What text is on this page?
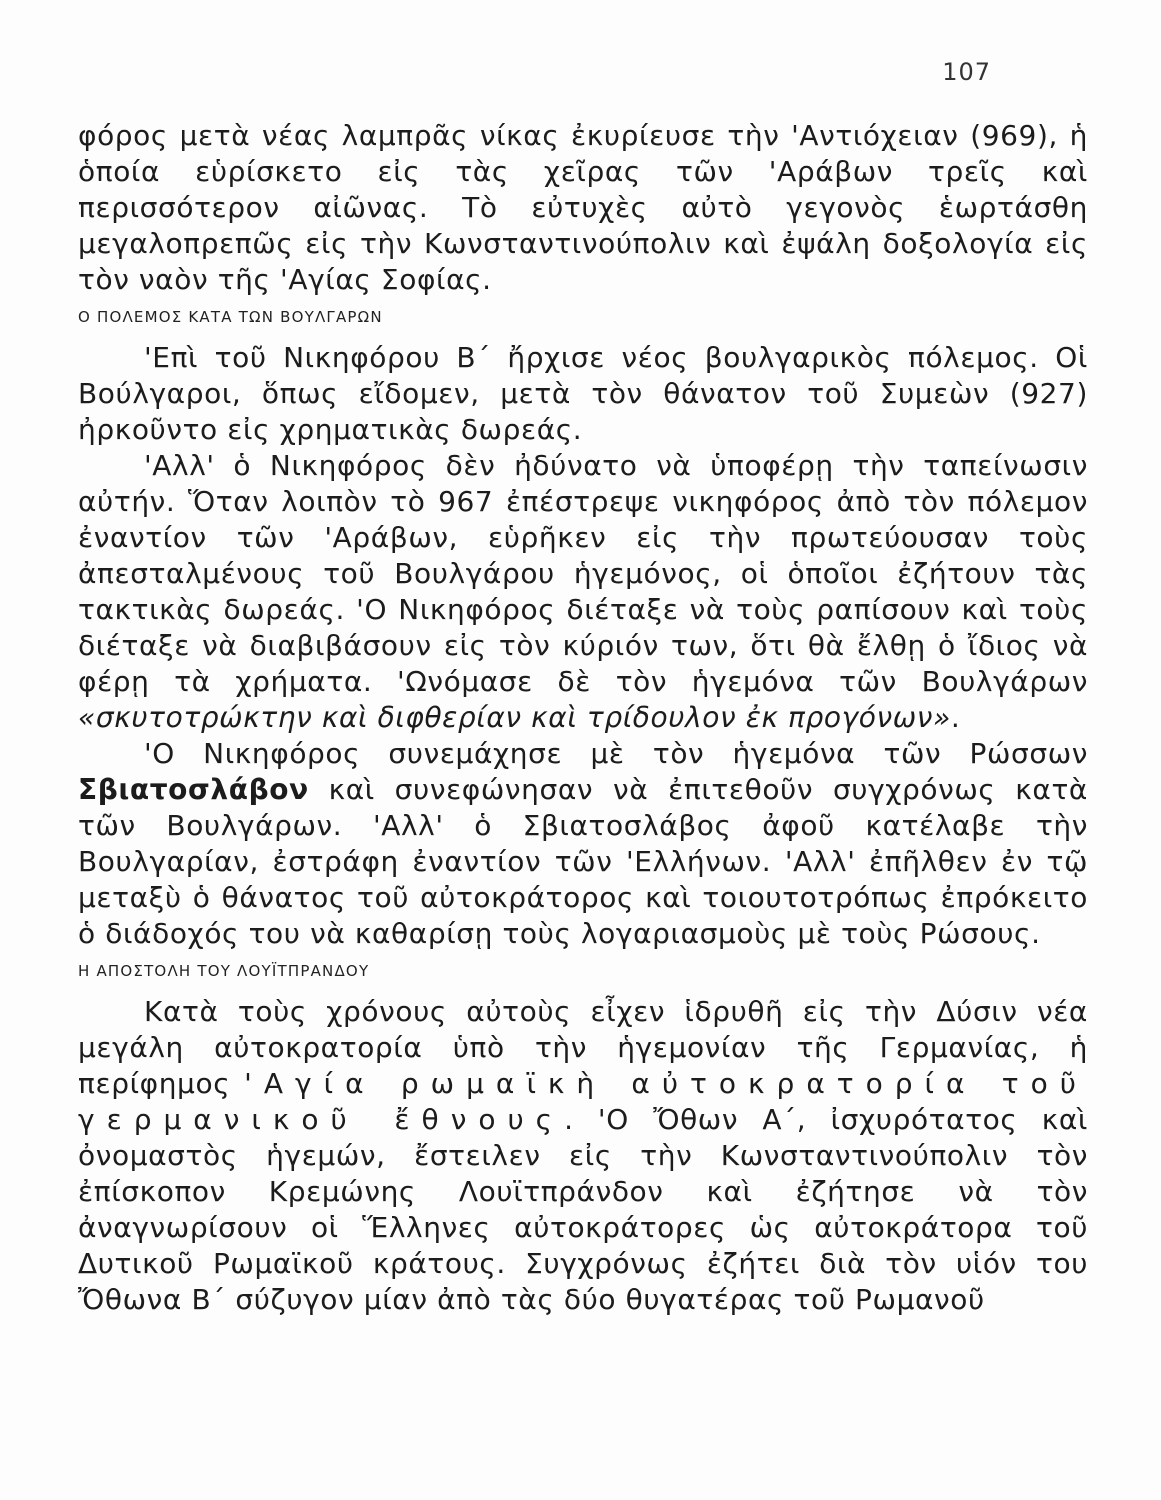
107

φόρος μετὰ νέας λαμπρᾶς νίκας ἐκυρίευσε τὴν 'Αντιόχειαν (969), ἡ ὁποία εὑρίσκετο εἰς τὰς χεῖρας τῶν 'Αράβων τρεῖς καὶ περισσότερον αἰῶνας. Τὸ εὐτυχὲς αὐτὸ γεγονὸς ἑωρτάσθη μεγαλοπρεπῶς εἰς τὴν Κωνσταντινούπολιν καὶ ἐψάλη δοξολογία εἰς τὸν ναὸν τῆς 'Αγίας Σοφίας.

Ο ΠΟΛΕΜΟΣ ΚΑΤΑ ΤΩΝ ΒΟΥΛΓΑΡΩΝ

'Επὶ τοῦ Νικηφόρου Β΄ ἤρχισε νέος βουλγαρικὸς πόλεμος. Οἱ Βούλγαροι, ὅπως εἴδομεν, μετὰ τὸν θάνατον τοῦ Συμεὼν (927) ἠρκοῦντο εἰς χρηματικὰς δωρεάς.

'Αλλ' ὁ Νικηφόρος δὲν ἠδύνατο νὰ ὑποφέρῃ τὴν ταπείνωσιν αὐτήν. Ὅταν λοιπὸν τὸ 967 ἐπέστρεψε νικηφόρος ἀπὸ τὸν πόλεμον ἐναντίον τῶν 'Αράβων, εὑρῆκεν εἰς τὴν πρωτεύουσαν τοὺς ἀπεσταλμένους τοῦ Βουλγάρου ἡγεμόνος, οἱ ὁποῖοι ἐζήτουν τὰς τακτικὰς δωρεάς. 'Ο Νικηφόρος διέταξε νὰ τοὺς ραπίσουν καὶ τοὺς διέταξε νὰ διαβιβάσουν εἰς τὸν κύριόν των, ὅτι θὰ ἔλθῃ ὁ ἴδιος νὰ φέρῃ τὰ χρήματα. 'Ωνόμασε δὲ τὸν ἡγεμόνα τῶν Βουλγάρων «σκυτοτρώκτην καὶ διφθερίαν καὶ τρίδουλον ἐκ προγόνων».

'Ο Νικηφόρος συνεμάχησε μὲ τὸν ἡγεμόνα τῶν Ρώσσων Σβιατοσλάβον καὶ συνεφώνησαν νὰ ἐπιτεθοῦν συγχρόνως κατὰ τῶν Βουλγάρων. 'Αλλ' ὁ Σβιατοσλάβος ἀφοῦ κατέλαβε τὴν Βουλγαρίαν, ἐστράφη ἐναντίον τῶν 'Ελλήνων. 'Αλλ' ἐπῆλθεν ἐν τῷ μεταξὺ ὁ θάνατος τοῦ αὐτοκράτορος καὶ τοιουτοτρόπως ἐπρόκειτο ὁ διάδοχός του νὰ καθαρίσῃ τοὺς λογαριασμοὺς μὲ τοὺς Ρώσους.

Η ΑΠΟΣΤΟΛΗ ΤΟΥ ΛΟΥΪΤΠΡΑΝΔΟΥ

Κατὰ τοὺς χρόνους αὐτοὺς εἶχεν ἱδρυθῆ εἰς τὴν Δύσιν νέα μεγάλη αὐτοκρατορία ὑπὸ τὴν ἡγεμονίαν τῆς Γερμανίας, ἡ περίφημος 'Αγία ρωμαϊκὴ αὐτοκρατορία τοῦ γερμανικοῦ ἔθνους. 'Ο Ὄθων Α΄, ἰσχυρότατος καὶ ὀνομαστὸς ἡγεμών, ἔστειλεν εἰς τὴν Κωνσταντινούπολιν τὸν ἐπίσκοπον Κρεμώνης Λουϊτπράνδον καὶ ἐζήτησε νὰ τὸν ἀναγνωρίσουν οἱ Ἕλληνες αὐτοκράτορες ὡς αὐτοκράτορα τοῦ Δυτικοῦ Ρωμαϊκοῦ κράτους. Συγχρόνως ἐζήτει διὰ τὸν υἱόν του Ὄθωνα Β΄ σύζυγον μίαν ἀπὸ τὰς δύο θυγατέρας τοῦ Ρωμανοῦ
